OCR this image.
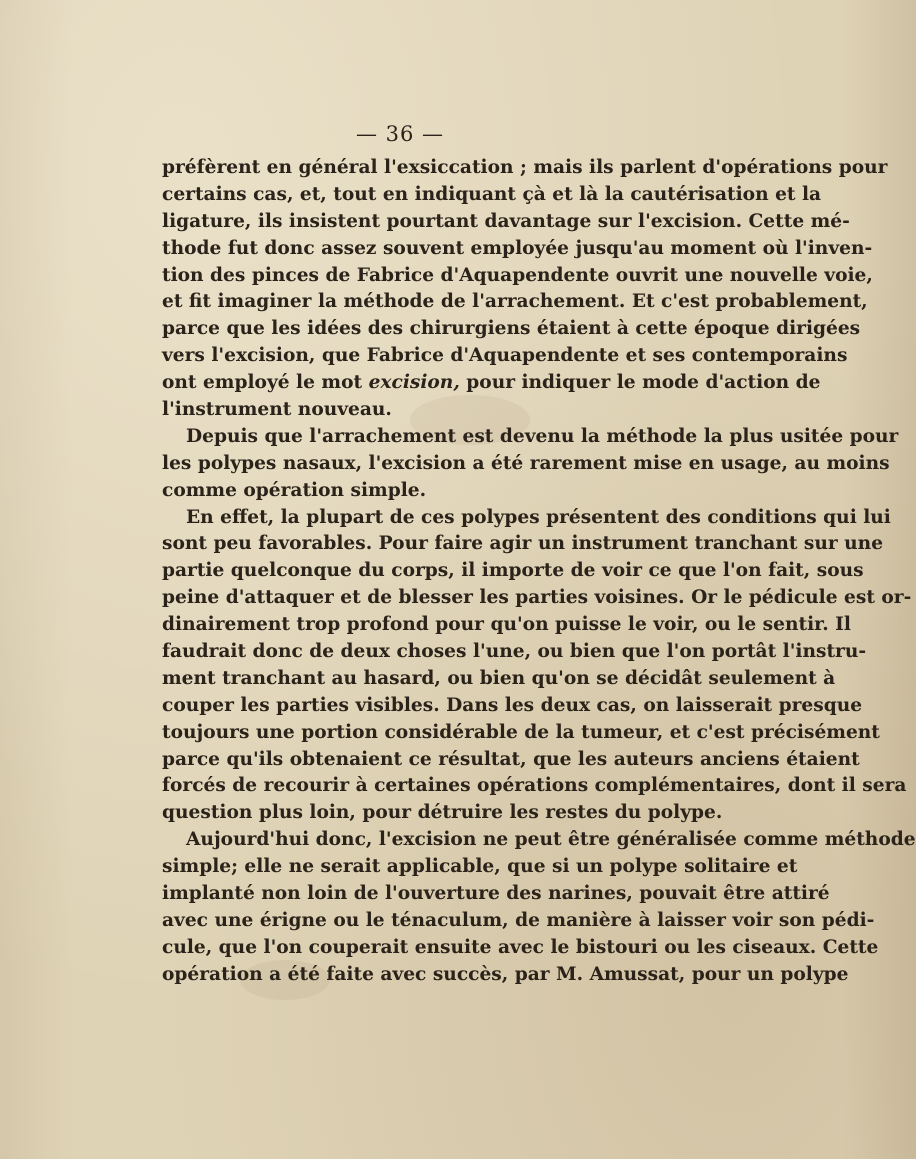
— 36 —
préfèrent en général l'exsiccation ; mais ils parlent d'opérations pour
certains cas, et, tout en indiquant çà et là la cautérisation et la
ligature, ils insistent pourtant davantage sur l'excision. Cette mé-
thode fut donc assez souvent employée jusqu'au moment où l'inven-
tion des pinces de Fabrice d'Aquapendente ouvrit une nouvelle voie,
et fit imaginer la méthode de l'arrachement. Et c'est probablement,
parce que les idées des chirurgiens étaient à cette époque dirigées
vers l'excision, que Fabrice d'Aquapendente et ses contemporains
ont employé le mot excision, pour indiquer le mode d'action de
l'instrument nouveau.
Depuis que l'arrachement est devenu la méthode la plus usitée pour
les polypes nasaux, l'excision a été rarement mise en usage, au moins
comme opération simple.
En effet, la plupart de ces polypes présentent des conditions qui lui
sont peu favorables. Pour faire agir un instrument tranchant sur une
partie quelconque du corps, il importe de voir ce que l'on fait, sous
peine d'attaquer et de blesser les parties voisines. Or le pédicule est or-
dinairement trop profond pour qu'on puisse le voir, ou le sentir. Il
faudrait donc de deux choses l'une, ou bien que l'on portât l'instru-
ment tranchant au hasard, ou bien qu'on se décidât seulement à
couper les parties visibles. Dans les deux cas, on laisserait presque
toujours une portion considérable de la tumeur, et c'est précisément
parce qu'ils obtenaient ce résultat, que les auteurs anciens étaient
forcés de recourir à certaines opérations complémentaires, dont il sera
question plus loin, pour détruire les restes du polype.
Aujourd'hui donc, l'excision ne peut être généralisée comme méthode
simple; elle ne serait applicable, que si un polype solitaire et
implanté non loin de l'ouverture des narines, pouvait être attiré
avec une érigne ou le ténaculum, de manière à laisser voir son pédi-
cule, que l'on couperait ensuite avec le bistouri ou les ciseaux. Cette
opération a été faite avec succès, par M. Amussat, pour un polype
